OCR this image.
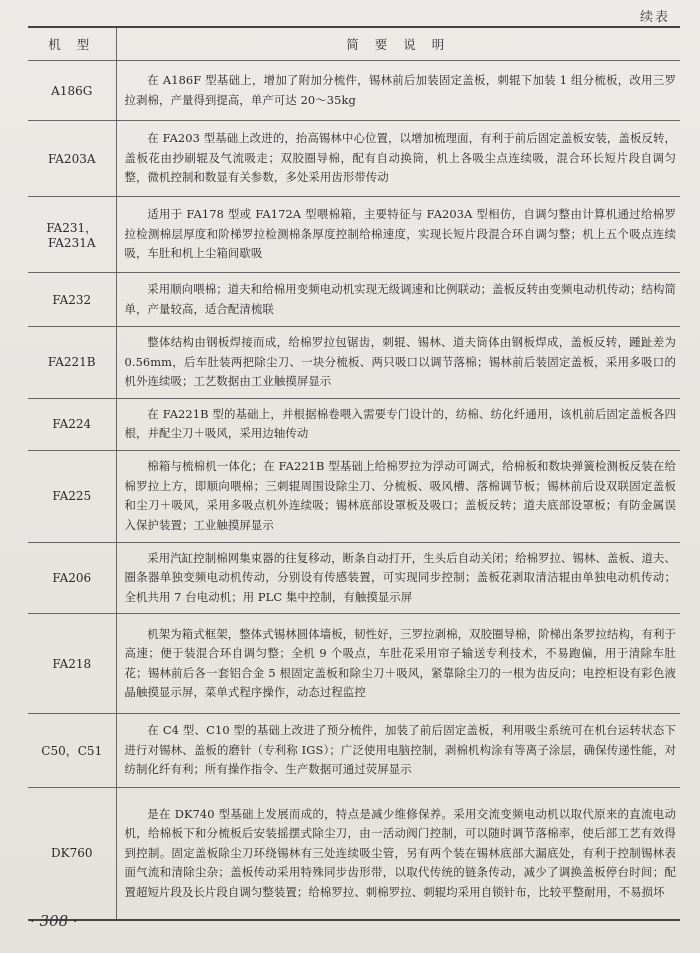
续表
机 型	简 要 说 明
A186G	在 A186F 型基础上，增加了附加分梳件，锡林前后加装固定盖板，刺辊下加装 1 组分梳板，改用三罗拉剥棉，产量得到提高，单产可达 20～35kg
FA203A	在 FA203 型基础上改进的，抬高锡林中心位置，以增加梳理面，有利于前后固定盖板安装，盖板反转，盖板花由抄刷辊及气流吸走；双胶圈导棉，配有自动换筒，机上各吸尘点连续吸，混合环长短片段自调匀整，微机控制和数显有关参数，多处采用齿形带传动
FA231，FA231A	适用于 FA178 型或 FA172A 型喂棉箱，主要特征与 FA203A 型相仿，自调匀整由计算机通过给棉罗拉检测棉层厚度和阶梯罗拉检测棉条厚度控制给棉速度，实现长短片段混合环自调匀整；机上五个吸点连续吸，车肚和机上尘箱间歇吸
FA232	采用顺向喂棉；道夫和给棉用变频电动机实现无级调速和比例联动；盖板反转由变频电动机传动；结构简单，产量较高，适合配清梳联
FA221B	整体结构由钢板焊接而成，给棉罗拉包锯齿，刺辊、锡林、道夫筒体由钢板焊成，盖板反转，踵趾差为 0.56mm，后车肚装两把除尘刀、一块分梳板、两只吸口以调节落棉；锡林前后装固定盖板，采用多吸口的机外连续吸；工艺数据由工业触摸屏显示
FA224	在 FA221B 型的基础上，并根据棉卷喂入需要专门设计的，纺棉、纺化纤通用，该机前后固定盖板各四根，并配尘刀＋吸风，采用边轴传动
FA225	棉箱与梳棉机一体化；在 FA221B 型基础上给棉罗拉为浮动可调式，给棉板和数块弹簧检测板反装在给棉罗拉上方，即顺向喂棉；三刺辊周围设除尘刀、分梳板、吸风槽、落棉调节板；锡林前后设双联固定盖板和尘刀＋吸风，采用多吸点机外连续吸；锡林底部设罩板及吸口；盖板反转；道夫底部设罩板；有防金属误入保护装置；工业触摸屏显示
FA206	采用汽缸控制棉网集束器的往复移动，断条自动打开，生头后自动关闭；给棉罗拉、锡林、盖板、道夫、圈条器单独变频电动机传动，分别设有传感装置，可实现同步控制；盖板花剥取清洁辊由单独电动机传动；全机共用 7 台电动机；用 PLC 集中控制，有触摸显示屏
FA218	机架为箱式框架，整体式锡林圆体墙板，韧性好，三罗拉剥棉，双胶圈导棉，阶梯出条罗拉结构，有利于高速；便于装混合环自调匀整；全机 9 个吸点，车肚花采用帘子输送专利技术，不易跑偏，用于清除车肚花；锡林前后各一套铝合金 5 根固定盖板和除尘刀＋吸风，紧靠除尘刀的一根为齿反向；电控柜设有彩色液晶触摸显示屏，菜单式程序操作，动态过程监控
C50，C51	在 C4 型、C10 型的基础上改进了预分梳件，加装了前后固定盖板，利用吸尘系统可在机台运转状态下进行对锡林、盖板的磨针（专利称 IGS）；广泛使用电脑控制，剥棉机构涂有等离子涂层，确保传递性能，对纺制化纤有利；所有操作指令、生产数据可通过荧屏显示
DK760	是在 DK740 型基础上发展而成的，特点是减少维修保养。采用交流变频电动机以取代原来的直流电动机，给棉板下和分梳板后安装摇摆式除尘刀，由一活动阀门控制，可以随时调节落棉率，使后部工艺有效得到控制。固定盖板除尘刀环绕锡林有三处连续吸尘管，另有两个装在锡林底部大漏底处，有利于控制锡林表面气流和清除尘杂；盖板传动采用特殊同步齿形带，以取代传统的链条传动，减少了调换盖板停台时间；配置超短片段及长片段自调匀整装置；给棉罗拉、刺棉罗拉、刺辊均采用自锁针布，比较平整耐用，不易损坏
· 308 ·
